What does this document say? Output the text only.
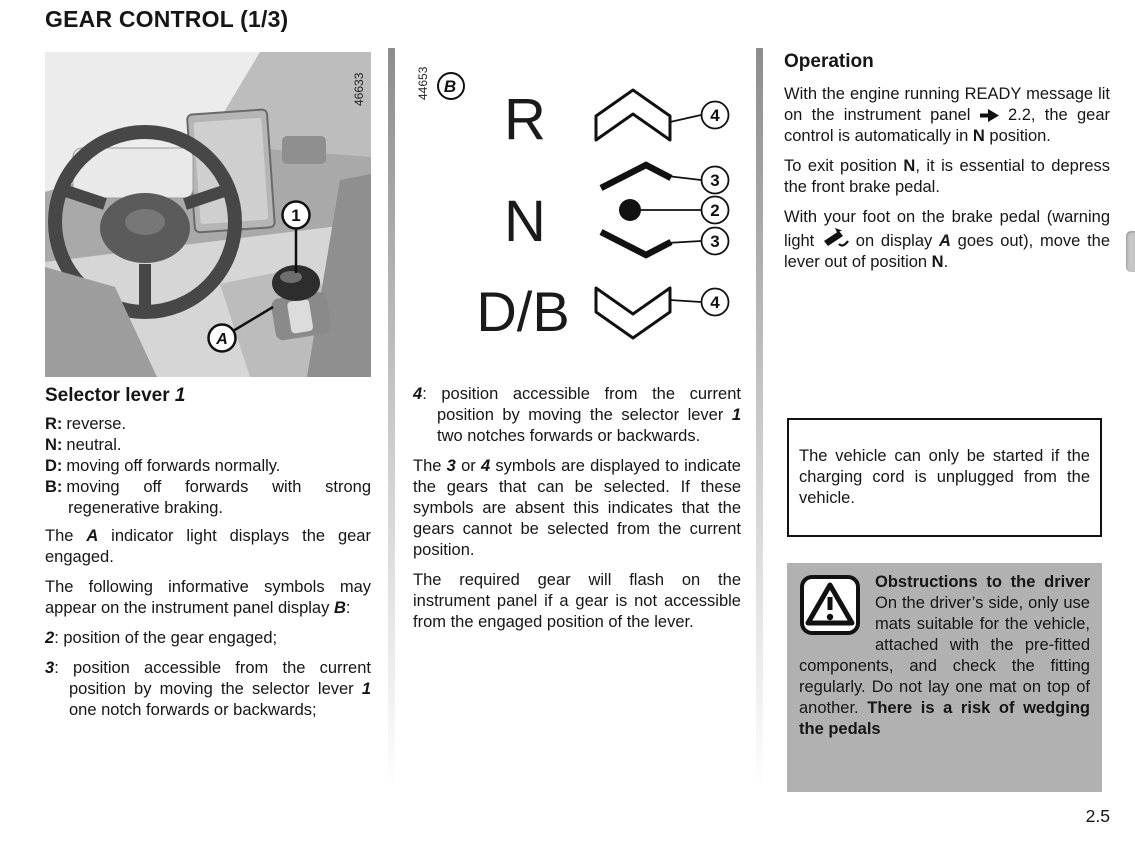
GEAR CONTROL (1/3)
1
A
46633
Selector lever 1

R: reverse.

N: neutral.

D: moving off forwards normally.

B: moving off forwards with strong regenerative braking.

The A indicator light displays the gear engaged.

The following informative symbols may appear on the instrument panel display B:

2: position of the gear engaged;

3: position accessible from the current position by moving the selector lever 1 one notch forwards or backwards;

44653 B
R
N
D/B
4
3
2
3
4

4: position accessible from the current position by moving the selector lever 1 two notches forwards or backwards.

The 3 or 4 symbols are displayed to indicate the gears that can be selected. If these symbols are absent this indicates that the gears cannot be selected from the current position.

The required gear will flash on the instrument panel if a gear is not accessible from the engaged position of the lever.

Operation

With the engine running READY message lit on the instrument panel  2.2, the gear control is automatically in N position.

To exit position N, it is essential to depress the front brake pedal.

With your foot on the brake pedal (warning light  on display A goes out), move the lever out of position N.

The vehicle can only be started if the charging cord is unplugged from the vehicle.

Obstructions to the driver On the driver’s side, only use mats suitable for the vehicle, attached with the pre-fitted components, and check the fitting regularly. Do not lay one mat on top of another. There is a risk of wedging the pedals
2.5
